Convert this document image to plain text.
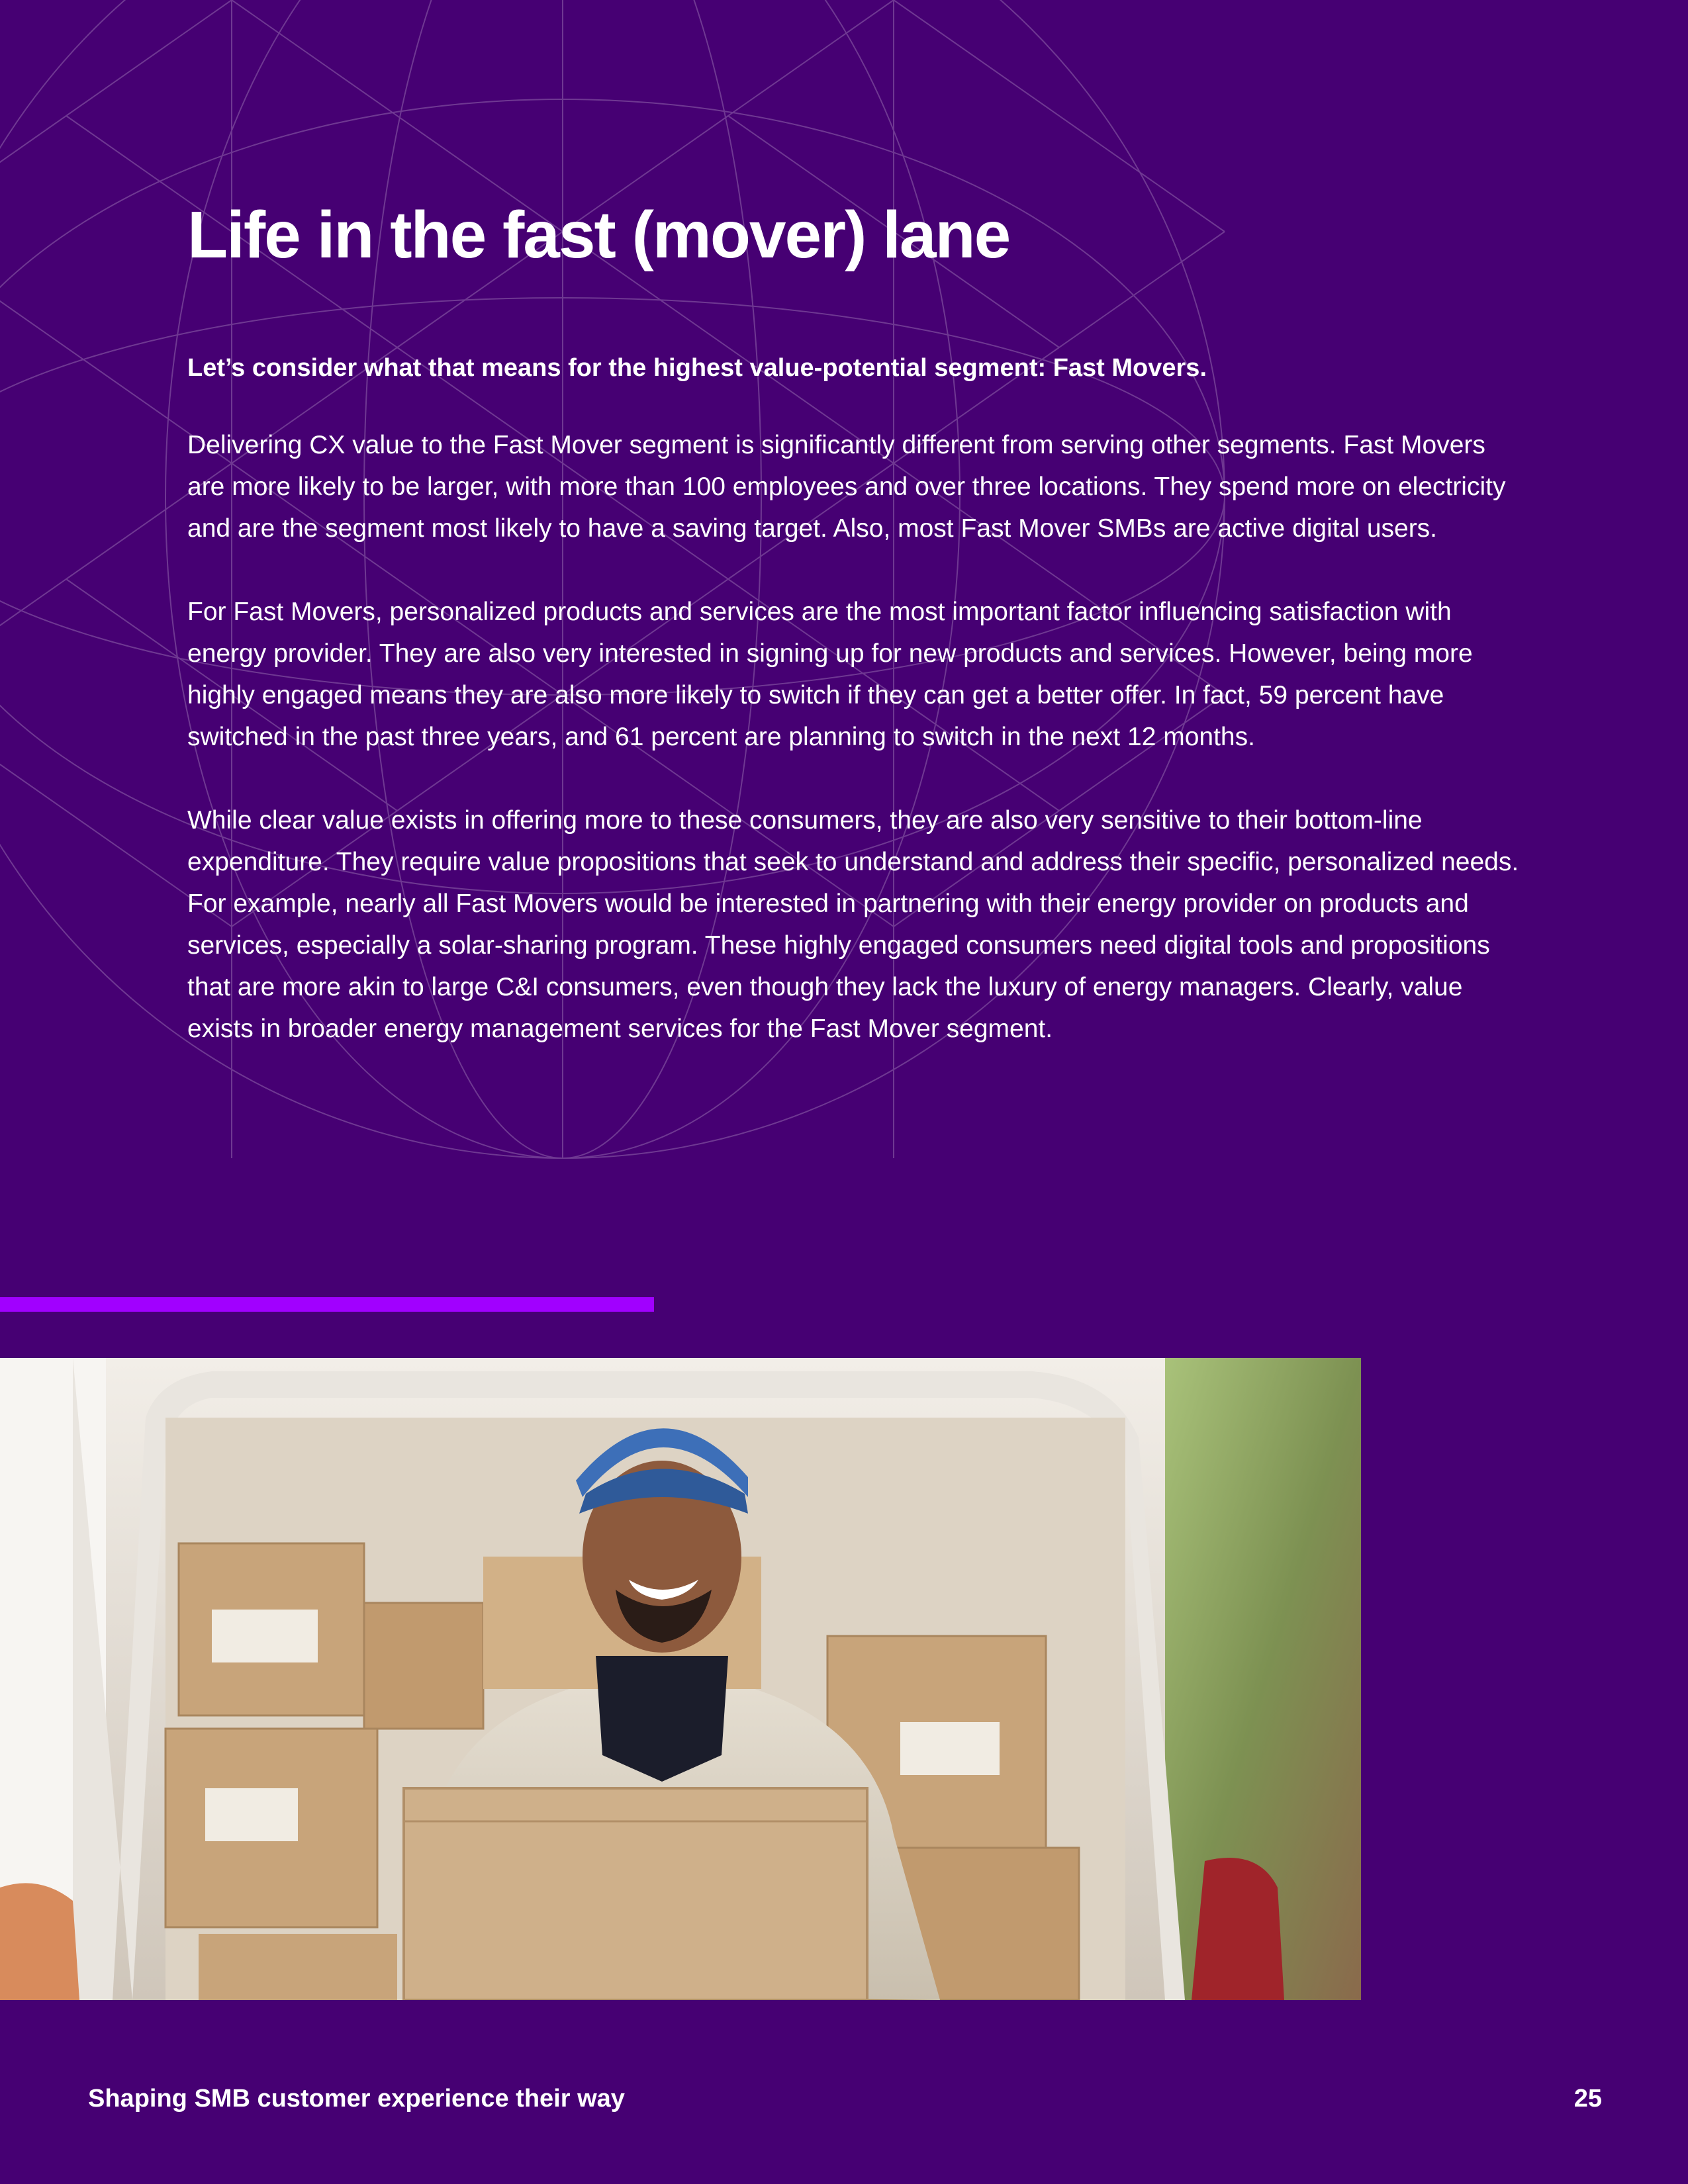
Life in the fast (mover) lane
Let’s consider what that means for the highest value-potential segment: Fast Movers.

Delivering CX value to the Fast Mover segment is significantly different from serving other segments. Fast Movers are more likely to be larger, with more than 100 employees and over three locations. They spend more on electricity and are the segment most likely to have a saving target. Also, most Fast Mover SMBs are active digital users.

For Fast Movers, personalized products and services are the most important factor influencing satisfaction with energy provider. They are also very interested in signing up for new products and services. However, being more highly engaged means they are also more likely to switch if they can get a better offer. In fact, 59 percent have switched in the past three years, and 61 percent are planning to switch in the next 12 months.

While clear value exists in offering more to these consumers, they are also very sensitive to their bottom-line expenditure. They require value propositions that seek to understand and address their specific, personalized needs. For example, nearly all Fast Movers would be interested in partnering with their energy provider on products and services, especially a solar-sharing program. These highly engaged consumers need digital tools and propositions that are more akin to large C&I consumers, even though they lack the luxury of energy managers. Clearly, value exists in broader energy management services for the Fast Mover segment.

Shaping SMB customer experience their way	25
